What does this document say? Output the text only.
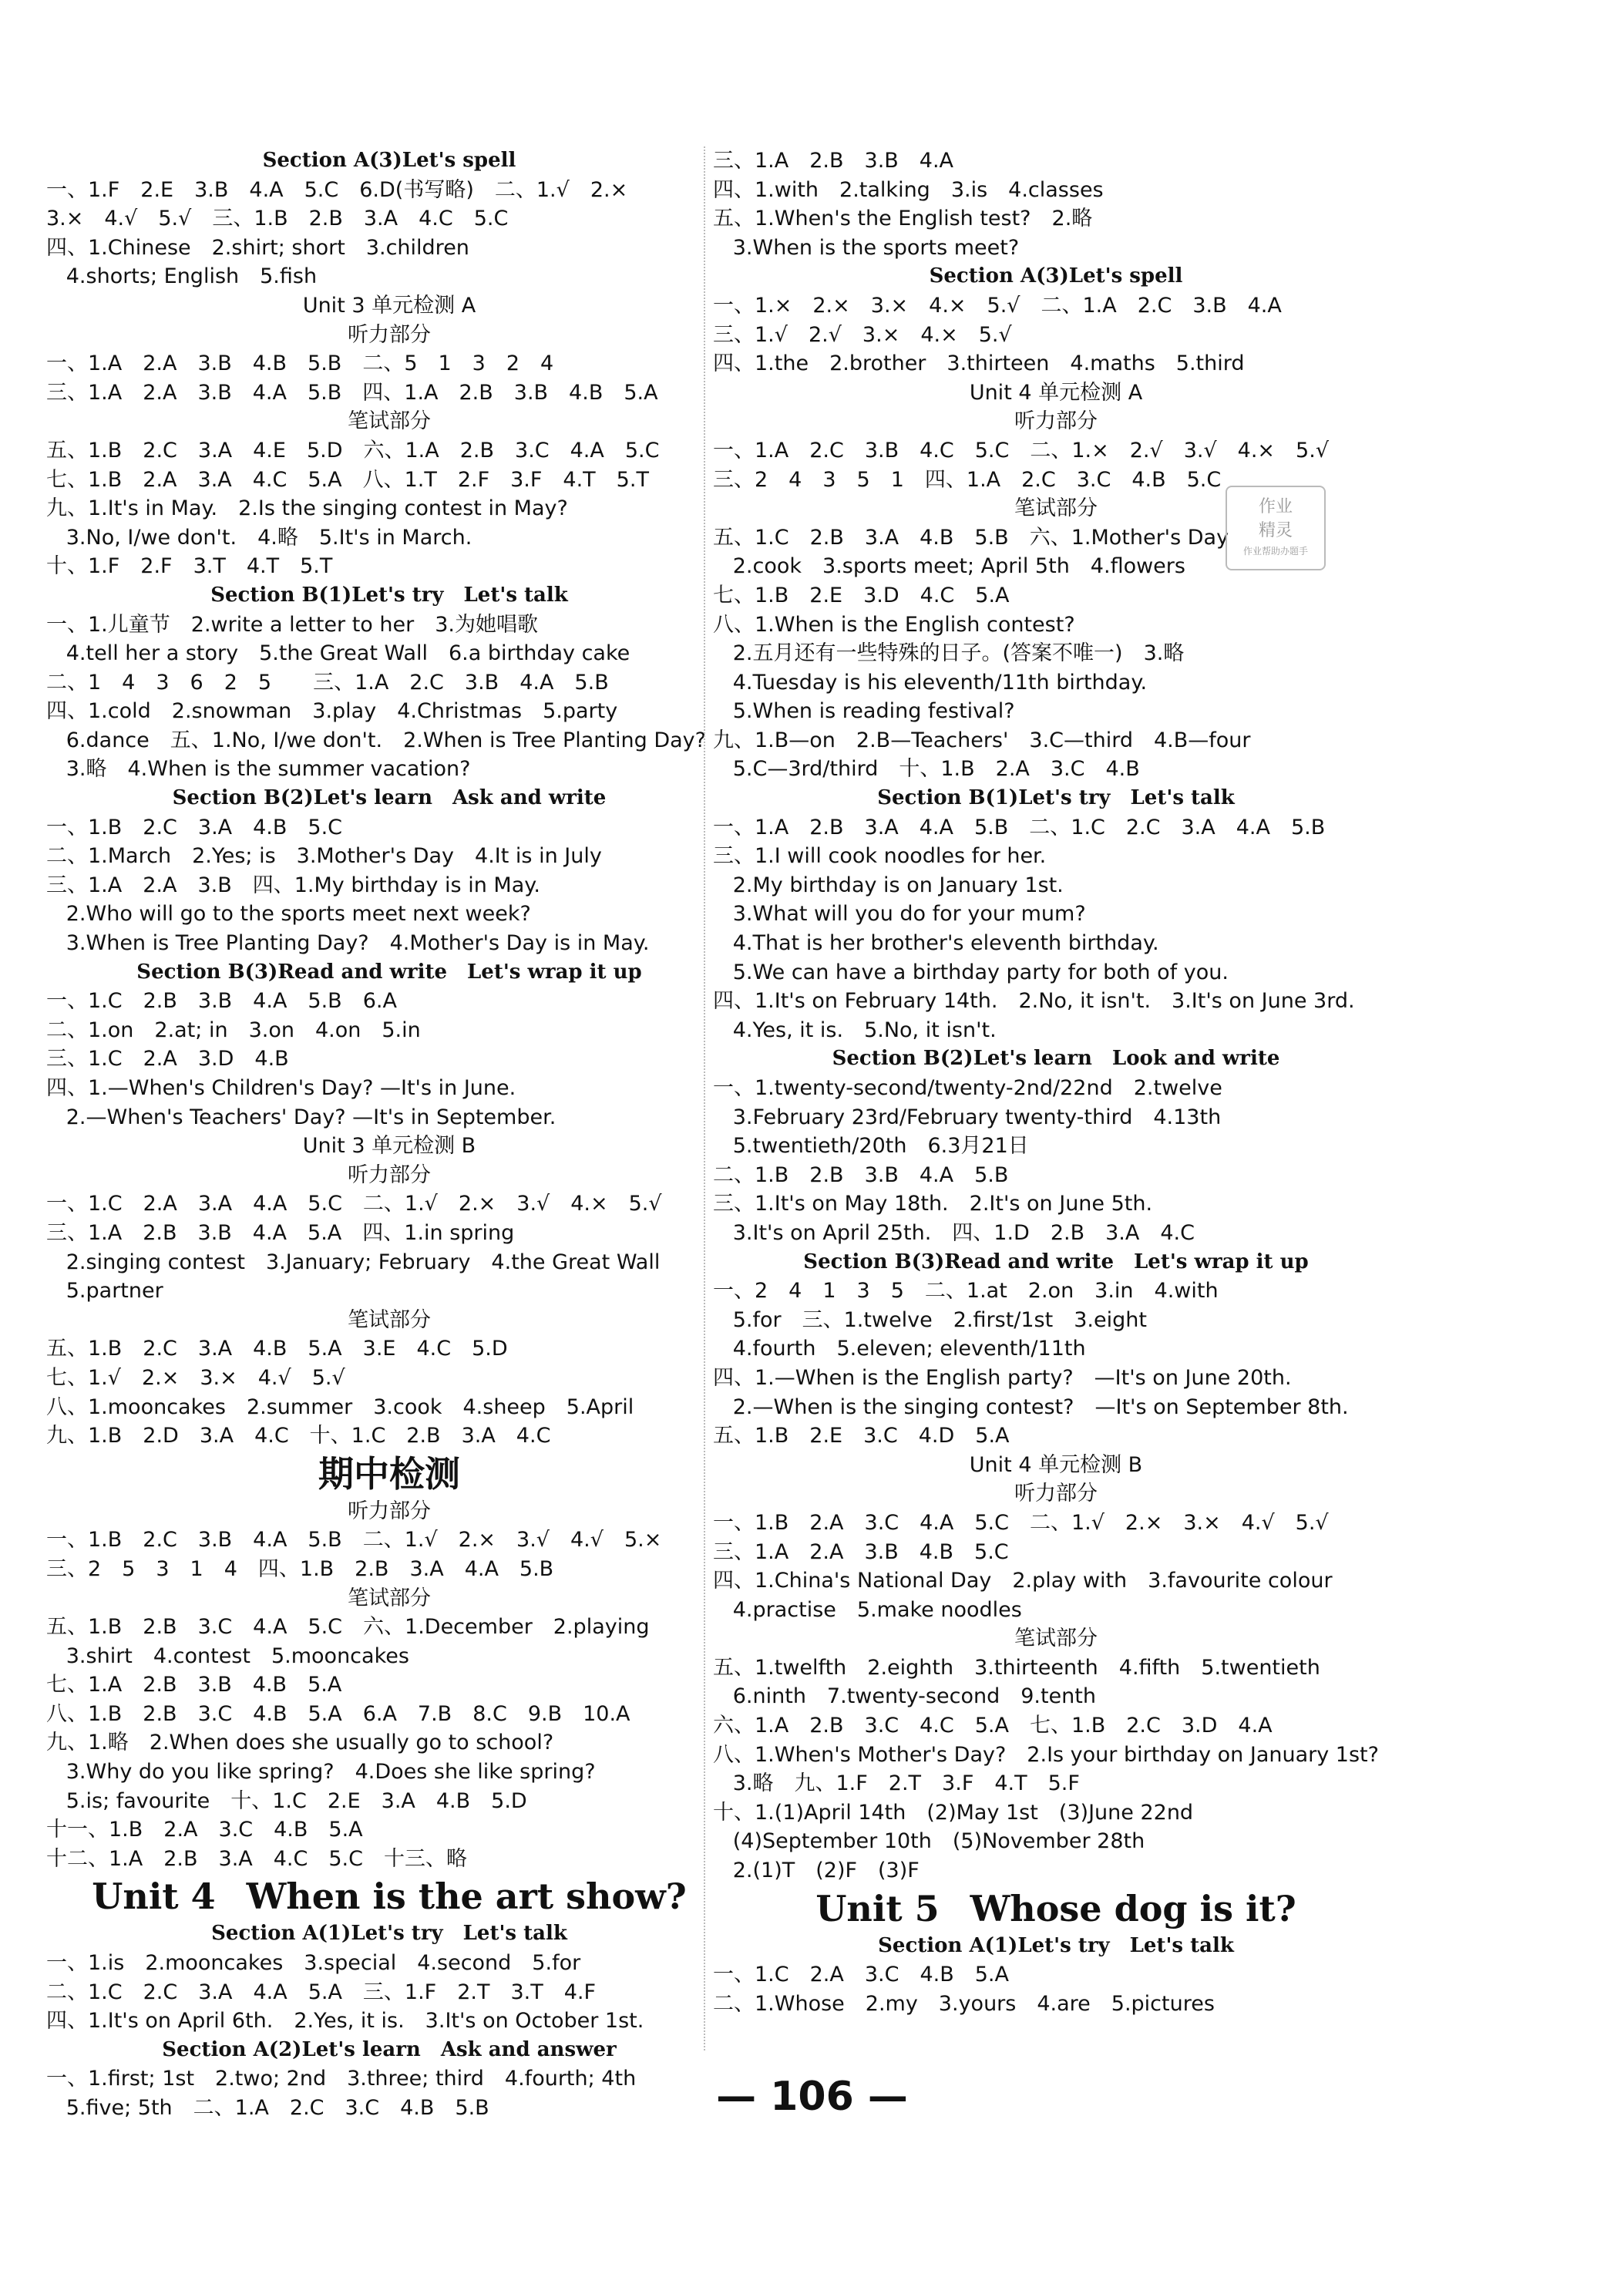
Section A(3)Let's spell
一、1.F　2.E　3.B　4.A　5.C　6.D(书写略)　二、1.√　2.×
3.×　4.√　5.√　三、1.B　2.B　3.A　4.C　5.C
四、1.Chinese　2.shirt; short　3.children
4.shorts; English　5.fish
Unit 3 单元检测 A
听力部分
一、1.A　2.A　3.B　4.B　5.B　二、5　1　3　2　4
三、1.A　2.A　3.B　4.A　5.B　四、1.A　2.B　3.B　4.B　5.A
笔试部分
五、1.B　2.C　3.A　4.E　5.D　六、1.A　2.B　3.C　4.A　5.C
七、1.B　2.A　3.A　4.C　5.A　八、1.T　2.F　3.F　4.T　5.T
九、1.It's in May.　2.Is the singing contest in May?
3.No, I/we don't.　4.略　5.It's in March.
十、1.F　2.F　3.T　4.T　5.T
Section B(1)Let's try　Let's talk
一、1.儿童节　2.write a letter to her　3.为她唱歌
4.tell her a story　5.the Great Wall　6.a birthday cake
二、1　4　3　6　2　5　　三、1.A　2.C　3.B　4.A　5.B
四、1.cold　2.snowman　3.play　4.Christmas　5.party
6.dance　五、1.No, I/we don't.　2.When is Tree Planting Day?
3.略　4.When is the summer vacation?
Section B(2)Let's learn　Ask and write
一、1.B　2.C　3.A　4.B　5.C
二、1.March　2.Yes; is　3.Mother's Day　4.It is in July
三、1.A　2.A　3.B　四、1.My birthday is in May.
2.Who will go to the sports meet next week?
3.When is Tree Planting Day?　4.Mother's Day is in May.
Section B(3)Read and write　Let's wrap it up
一、1.C　2.B　3.B　4.A　5.B　6.A
二、1.on　2.at; in　3.on　4.on　5.in
三、1.C　2.A　3.D　4.B
四、1.—When's Children's Day? —It's in June.
2.—When's Teachers' Day? —It's in September.
Unit 3 单元检测 B
听力部分
一、1.C　2.A　3.A　4.A　5.C　二、1.√　2.×　3.√　4.×　5.√
三、1.A　2.B　3.B　4.A　5.A　四、1.in spring
2.singing contest　3.January; February　4.the Great Wall
5.partner
笔试部分
五、1.B　2.C　3.A　4.B　5.A　3.E　4.C　5.D
七、1.√　2.×　3.×　4.√　5.√
八、1.mooncakes　2.summer　3.cook　4.sheep　5.April
九、1.B　2.D　3.A　4.C　十、1.C　2.B　3.A　4.C
期中检测
听力部分
一、1.B　2.C　3.B　4.A　5.B　二、1.√　2.×　3.√　4.√　5.×
三、2　5　3　1　4　四、1.B　2.B　3.A　4.A　5.B
笔试部分
五、1.B　2.B　3.C　4.A　5.C　六、1.December　2.playing
3.shirt　4.contest　5.mooncakes
七、1.A　2.B　3.B　4.B　5.A
八、1.B　2.B　3.C　4.B　5.A　6.A　7.B　8.C　9.B　10.A
九、1.略　2.When does she usually go to school?
3.Why do you like spring?　4.Does she like spring?
5.is; favourite　十、1.C　2.E　3.A　4.B　5.D
十一、1.B　2.A　3.C　4.B　5.A
十二、1.A　2.B　3.A　4.C　5.C　十三、略
Unit 4 When is the art show?
Section A(1)Let's try　Let's talk
一、1.is　2.mooncakes　3.special　4.second　5.for
二、1.C　2.C　3.A　4.A　5.A　三、1.F　2.T　3.T　4.F
四、1.It's on April 6th.　2.Yes, it is.　3.It's on October 1st.
Section A(2)Let's learn　Ask and answer
一、1.first; 1st　2.two; 2nd　3.three; third　4.fourth; 4th
5.five; 5th　二、1.A　2.C　3.C　4.B　5.B
三、1.A　2.B　3.B　4.A
四、1.with　2.talking　3.is　4.classes
五、1.When's the English test?　2.略
3.When is the sports meet?
Section A(3)Let's spell
一、1.×　2.×　3.×　4.×　5.√　二、1.A　2.C　3.B　4.A
三、1.√　2.√　3.×　4.×　5.√
四、1.the　2.brother　3.thirteen　4.maths　5.third
Unit 4 单元检测 A
听力部分
一、1.A　2.C　3.B　4.C　5.C　二、1.×　2.√　3.√　4.×　5.√
三、2　4　3　5　1　四、1.A　2.C　3.C　4.B　5.C
笔试部分
五、1.C　2.B　3.A　4.B　5.B　六、1.Mother's Day
2.cook　3.sports meet; April 5th　4.flowers
七、1.B　2.E　3.D　4.C　5.A
八、1.When is the English contest?
2.五月还有一些特殊的日子。(答案不唯一)　3.略
4.Tuesday is his eleventh/11th birthday.
5.When is reading festival?
九、1.B—on　2.B—Teachers'　3.C—third　4.B—four
5.C—3rd/third　十、1.B　2.A　3.C　4.B
Section B(1)Let's try　Let's talk
一、1.A　2.B　3.A　4.A　5.B　二、1.C　2.C　3.A　4.A　5.B
三、1.I will cook noodles for her.
2.My birthday is on January 1st.
3.What will you do for your mum?
4.That is her brother's eleventh birthday.
5.We can have a birthday party for both of you.
四、1.It's on February 14th.　2.No, it isn't.　3.It's on June 3rd.
4.Yes, it is.　5.No, it isn't.
Section B(2)Let's learn　Look and write
一、1.twenty-second/twenty-2nd/22nd　2.twelve
3.February 23rd/February twenty-third　4.13th
5.twentieth/20th　6.3月21日
二、1.B　2.B　3.B　4.A　5.B
三、1.It's on May 18th.　2.It's on June 5th.
3.It's on April 25th.　四、1.D　2.B　3.A　4.C
Section B(3)Read and write　Let's wrap it up
一、2　4　1　3　5　二、1.at　2.on　3.in　4.with
5.for　三、1.twelve　2.first/1st　3.eight
4.fourth　5.eleven; eleventh/11th
四、1.—When is the English party?　—It's on June 20th.
2.—When is the singing contest?　—It's on September 8th.
五、1.B　2.E　3.C　4.D　5.A
Unit 4 单元检测 B
听力部分
一、1.B　2.A　3.C　4.A　5.C　二、1.√　2.×　3.×　4.√　5.√
三、1.A　2.A　3.B　4.B　5.C
四、1.China's National Day　2.play with　3.favourite colour
4.practise　5.make noodles
笔试部分
五、1.twelfth　2.eighth　3.thirteenth　4.fifth　5.twentieth
6.ninth　7.twenty-second　9.tenth
六、1.A　2.B　3.C　4.C　5.A　七、1.B　2.C　3.D　4.A
八、1.When's Mother's Day?　2.Is your birthday on January 1st?
3.略　九、1.F　2.T　3.F　4.T　5.F
十、1.(1)April 14th　(2)May 1st　(3)June 22nd
(4)September 10th　(5)November 28th
2.(1)T　(2)F　(3)F
Unit 5 Whose dog is it?
Section A(1)Let's try　Let's talk
一、1.C　2.A　3.C　4.B　5.A
二、1.Whose　2.my　3.yours　4.are　5.pictures
作业
精灵
作业帮助办题手
— 106 —
